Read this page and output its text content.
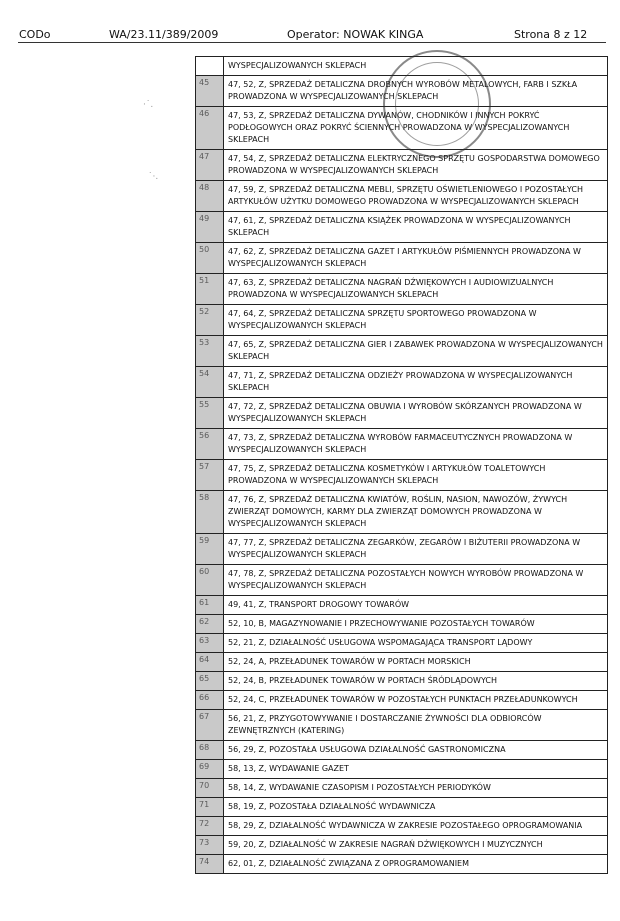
CODo	WA/23.11/389/2009	Operator: NOWAK KINGA	Strona 8 z 12
WYSPECJALIZOWANYCH SKLEPACH
45	47, 52, Z, SPRZEDAŻ DETALICZNA DROBNYCH WYROBÓW METALOWYCH, FARB I SZKŁA PROWADZONA W WYSPECJALIZOWANYCH SKLEPACH
46	47, 53, Z, SPRZEDAŻ DETALICZNA DYWANÓW, CHODNIKÓW I INNYCH POKRYĆ PODŁOGOWYCH ORAZ POKRYĆ ŚCIENNYCH PROWADZONA W WYSPECJALIZOWANYCH SKLEPACH
47	47, 54, Z, SPRZEDAŻ DETALICZNA ELEKTRYCZNEGO SPRZĘTU GOSPODARSTWA DOMOWEGO PROWADZONA W WYSPECJALIZOWANYCH SKLEPACH
48	47, 59, Z, SPRZEDAŻ DETALICZNA MEBLI, SPRZĘTU OŚWIETLENIOWEGO I POZOSTAŁYCH ARTYKUŁÓW UŻYTKU DOMOWEGO PROWADZONA W WYSPECJALIZOWANYCH SKLEPACH
49	47, 61, Z, SPRZEDAŻ DETALICZNA KSIĄŻEK PROWADZONA W WYSPECJALIZOWANYCH SKLEPACH
50	47, 62, Z, SPRZEDAŻ DETALICZNA GAZET I ARTYKUŁÓW PIŚMIENNYCH PROWADZONA W WYSPECJALIZOWANYCH SKLEPACH
51	47, 63, Z, SPRZEDAŻ DETALICZNA NAGRAŃ DŹWIĘKOWYCH I AUDIOWIZUALNYCH PROWADZONA W WYSPECJALIZOWANYCH SKLEPACH
52	47, 64, Z, SPRZEDAŻ DETALICZNA SPRZĘTU SPORTOWEGO PROWADZONA W WYSPECJALIZOWANYCH SKLEPACH
53	47, 65, Z, SPRZEDAŻ DETALICZNA GIER I ZABAWEK PROWADZONA W WYSPECJALIZOWANYCH SKLEPACH
54	47, 71, Z, SPRZEDAŻ DETALICZNA ODZIEŻY PROWADZONA W WYSPECJALIZOWANYCH SKLEPACH
55	47, 72, Z, SPRZEDAŻ DETALICZNA OBUWIA I WYROBÓW SKÓRZANYCH PROWADZONA W WYSPECJALIZOWANYCH SKLEPACH
56	47, 73, Z, SPRZEDAŻ DETALICZNA WYROBÓW FARMACEUTYCZNYCH PROWADZONA W WYSPECJALIZOWANYCH SKLEPACH
57	47, 75, Z, SPRZEDAŻ DETALICZNA KOSMETYKÓW I ARTYKUŁÓW TOALETOWYCH PROWADZONA W WYSPECJALIZOWANYCH SKLEPACH
58	47, 76, Z, SPRZEDAŻ DETALICZNA KWIATÓW, ROŚLIN, NASION, NAWOZÓW, ŻYWYCH ZWIERZĄT DOMOWYCH, KARMY DLA ZWIERZĄT DOMOWYCH PROWADZONA W WYSPECJALIZOWANYCH SKLEPACH
59	47, 77, Z, SPRZEDAŻ DETALICZNA ZEGARKÓW, ZEGARÓW I BIŻUTERII PROWADZONA W WYSPECJALIZOWANYCH SKLEPACH
60	47, 78, Z, SPRZEDAŻ DETALICZNA POZOSTAŁYCH NOWYCH WYROBÓW PROWADZONA W WYSPECJALIZOWANYCH SKLEPACH
61	49, 41, Z, TRANSPORT DROGOWY TOWARÓW
62	52, 10, B, MAGAZYNOWANIE I PRZECHOWYWANIE POZOSTAŁYCH TOWARÓW
63	52, 21, Z, DZIAŁALNOŚĆ USŁUGOWA WSPOMAGAJĄCA TRANSPORT LĄDOWY
64	52, 24, A, PRZEŁADUNEK TOWARÓW W PORTACH MORSKICH
65	52, 24, B, PRZEŁADUNEK TOWARÓW W PORTACH ŚRÓDLĄDOWYCH
66	52, 24, C, PRZEŁADUNEK TOWARÓW W POZOSTAŁYCH PUNKTACH PRZEŁADUNKOWYCH
67	56, 21, Z, PRZYGOTOWYWANIE I DOSTARCZANIE ŻYWNOŚCI DLA ODBIORCÓW ZEWNĘTRZNYCH (KATERING)
68	56, 29, Z, POZOSTAŁA USŁUGOWA DZIAŁALNOŚĆ GASTRONOMICZNA
69	58, 13, Z, WYDAWANIE GAZET
70	58, 14, Z, WYDAWANIE CZASOPISM I POZOSTAŁYCH PERIODYKÓW
71	58, 19, Z, POZOSTAŁA DZIAŁALNOŚĆ WYDAWNICZA
72	58, 29, Z, DZIAŁALNOŚĆ WYDAWNICZA W ZAKRESIE POZOSTAŁEGO OPROGRAMOWANIA
73	59, 20, Z, DZIAŁALNOŚĆ W ZAKRESIE NAGRAŃ DŹWIĘKOWYCH I MUZYCZNYCH
74	62, 01, Z, DZIAŁALNOŚĆ ZWIĄZANA Z OPROGRAMOWANIEM
·˙.
˙·.
